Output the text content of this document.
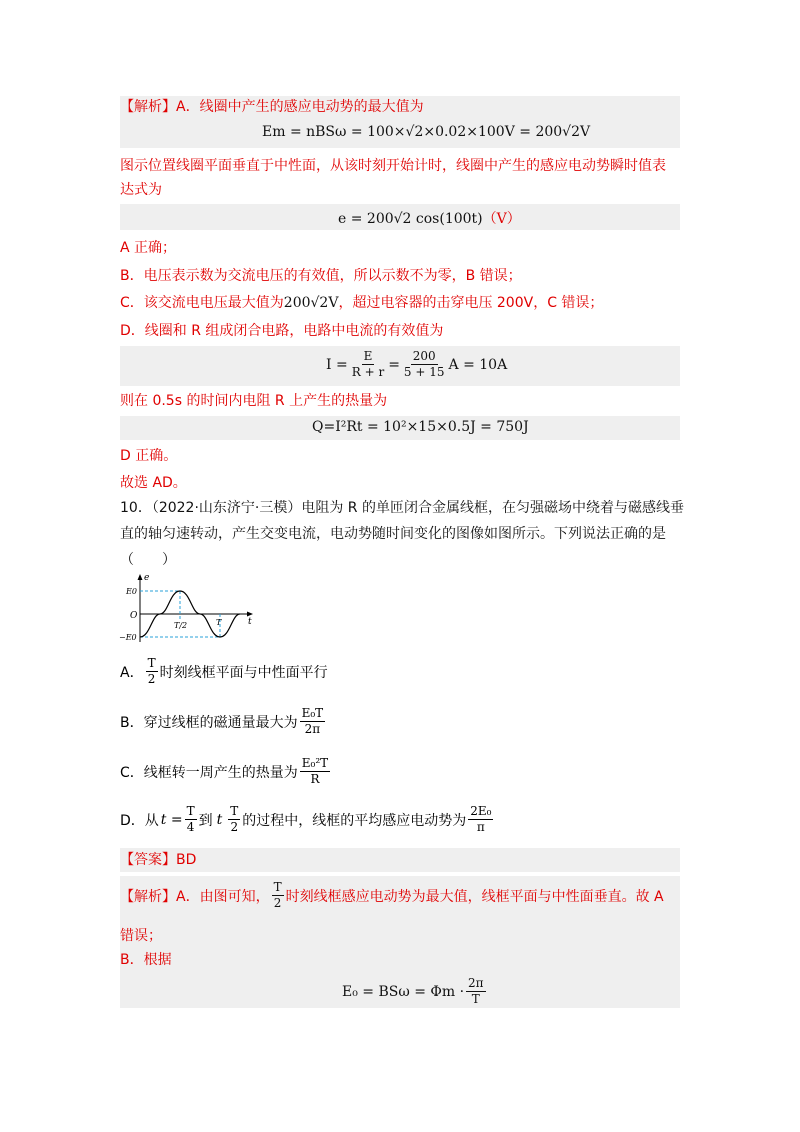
【解析】A．线圈中产生的感应电动势的最大值为
Em = nBSω = 100×√2×0.02×100V = 200√2V
图示位置线圈平面垂直于中性面，从该时刻开始计时，线圈中产生的感应电动势瞬时值表
达式为
e = 200√2 cos(100t)（V）
A 正确；
B．电压表示数为交流电压的有效值，所以示数不为零，B 错误；
C．该交流电电压最大值为200√2V，超过电容器的击穿电压 200V，C 错误；
D．线圈和 R 组成闭合电路，电路中电流的有效值为
$I = \frac{E}{R + r} = \frac{200}{5 + 15}$ A = 10A
则在 0.5s 的时间内电阻 R 上产生的热量为
Q=I²Rt = 10²×15×0.5J = 750J
D 正确。
故选 AD。
10．（2022·山东济宁·三模）电阻为 R 的单匝闭合金属线框，在匀强磁场中绕着与磁感线垂
直的轴匀速转动，产生交变电流，电动势随时间变化的图像如图所示。下列说法正确的是
（　　）
e
t
O
E0
−E0
T/2	T
A． $\frac{T}{2}$ 时刻线框平面与中性面平行
B．穿过线框的磁通量最大为 $\frac{\text{E₀T}}{2\pi}$
C．线框转一周产生的热量为 $\frac{\text{E₀²T}}{R}$
D．从 $t = \frac{T}{4}$ 到 t $\frac{T}{2}$ 的过程中，线框的平均感应电动势为 $\frac{\text{2E₀}}{\pi}$
【答案】BD
【解析】 A．由图可知， $\frac{T}{2}$ 时刻线框感应电动势为最大值，线框平面与中性面垂直。故 A
错误；
B．根据
$E_0 = BS\omega = \Phi m \cdot \frac{2\pi}{T}$
